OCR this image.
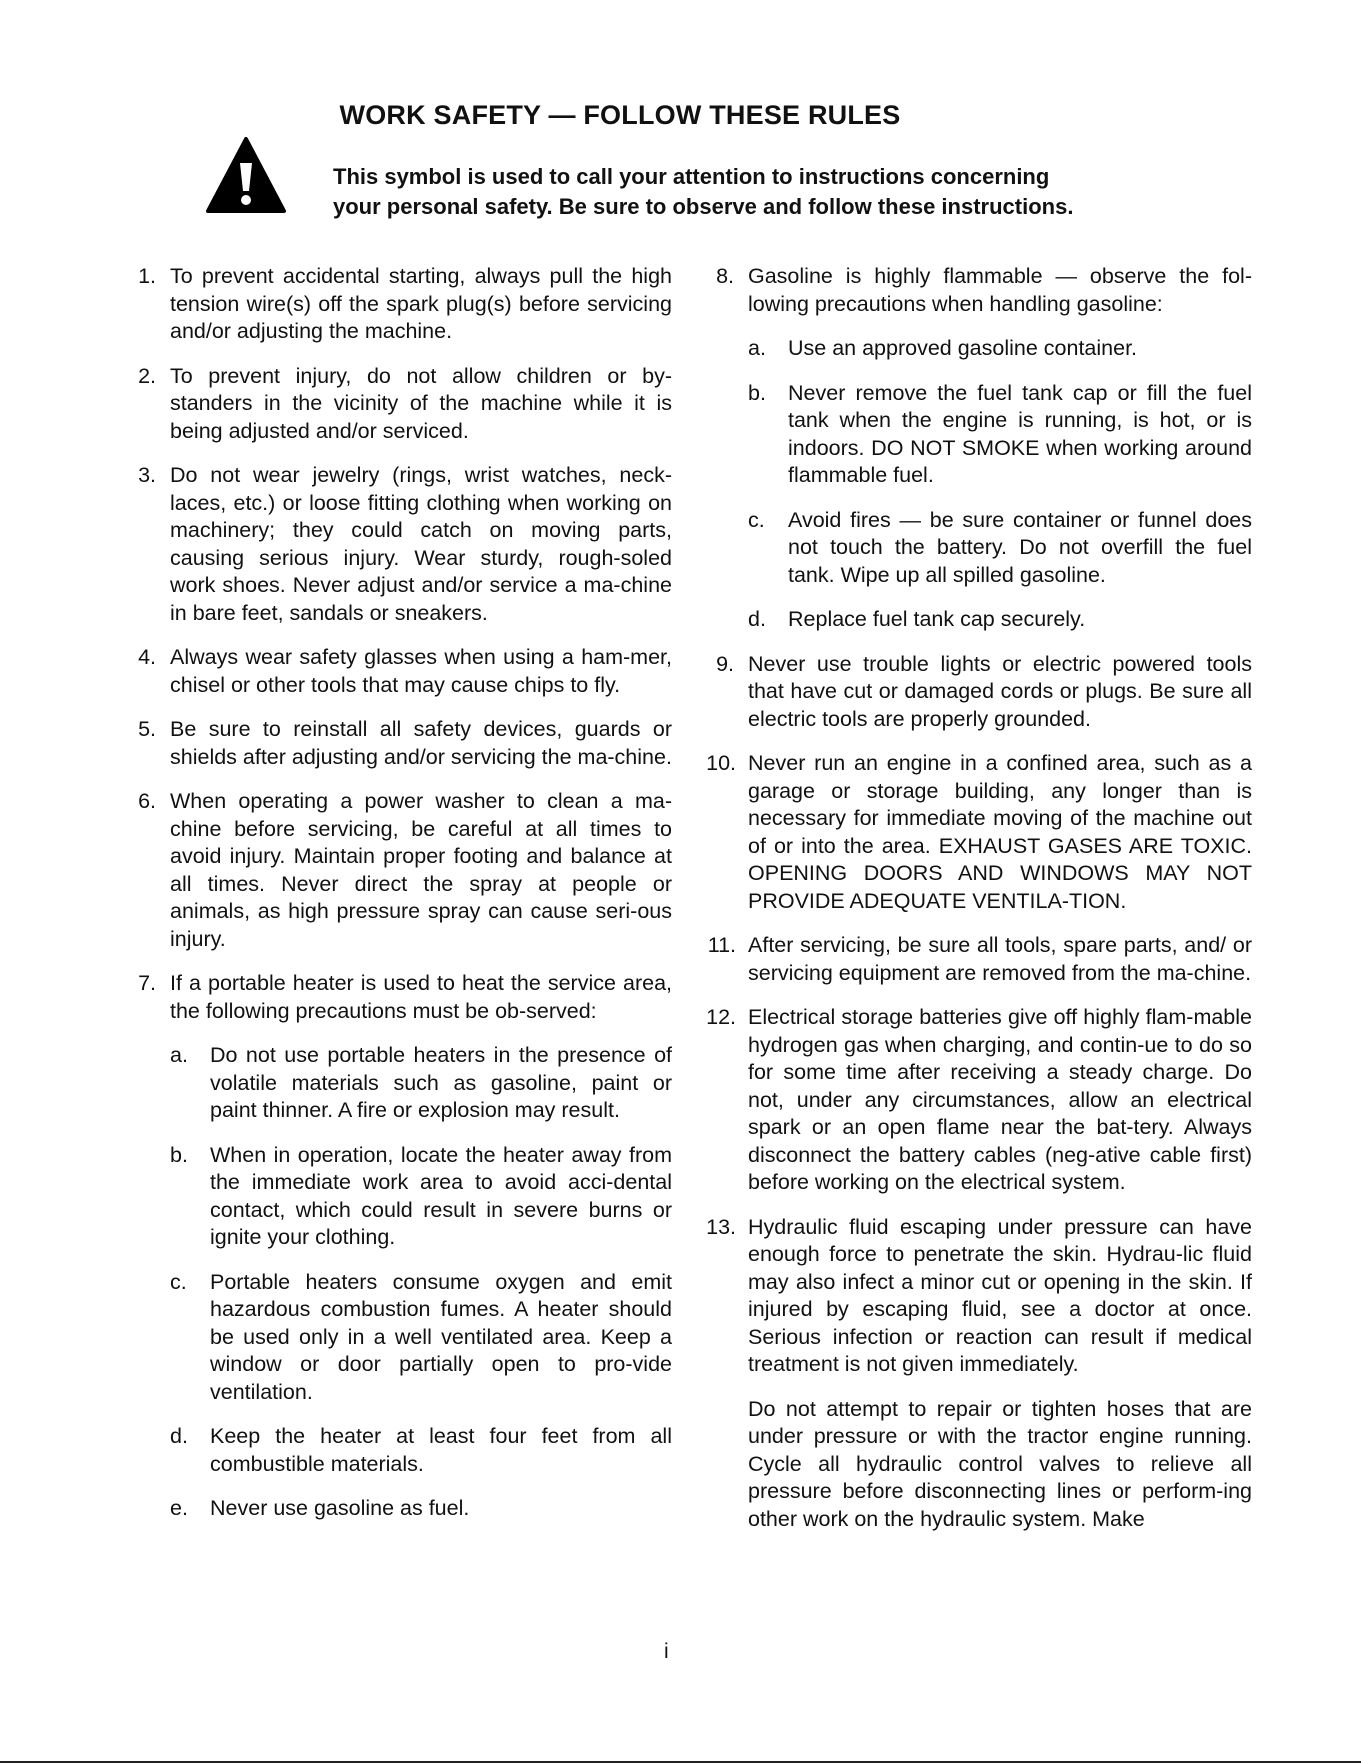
WORK SAFETY — FOLLOW THESE RULES
This symbol is used to call your attention to instructions concerning
your personal safety. Be sure to observe and follow these instructions.
1. To prevent accidental starting, always pull the high tension wire(s) off the spark plug(s) before servicing and/or adjusting the machine.
2. To prevent injury, do not allow children or by-standers in the vicinity of the machine while it is being adjusted and/or serviced.
3. Do not wear jewelry (rings, wrist watches, neck-laces, etc.) or loose fitting clothing when working on machinery; they could catch on moving parts, causing serious injury. Wear sturdy, rough-soled work shoes. Never adjust and/or service a ma-chine in bare feet, sandals or sneakers.
4. Always wear safety glasses when using a ham-mer, chisel or other tools that may cause chips to fly.
5. Be sure to reinstall all safety devices, guards or shields after adjusting and/or servicing the ma-chine.
6. When operating a power washer to clean a ma-chine before servicing, be careful at all times to avoid injury. Maintain proper footing and balance at all times. Never direct the spray at people or animals, as high pressure spray can cause seri-ous injury.
7. If a portable heater is used to heat the service area, the following precautions must be ob-served:
a. Do not use portable heaters in the presence of volatile materials such as gasoline, paint or paint thinner. A fire or explosion may result.
b. When in operation, locate the heater away from the immediate work area to avoid acci-dental contact, which could result in severe burns or ignite your clothing.
c. Portable heaters consume oxygen and emit hazardous combustion fumes. A heater should be used only in a well ventilated area. Keep a window or door partially open to pro-vide ventilation.
d. Keep the heater at least four feet from all combustible materials.
e. Never use gasoline as fuel.
8. Gasoline is highly flammable — observe the fol-lowing precautions when handling gasoline:
a. Use an approved gasoline container.
b. Never remove the fuel tank cap or fill the fuel tank when the engine is running, is hot, or is indoors. DO NOT SMOKE when working around flammable fuel.
c. Avoid fires — be sure container or funnel does not touch the battery. Do not overfill the fuel tank. Wipe up all spilled gasoline.
d. Replace fuel tank cap securely.
9. Never use trouble lights or electric powered tools that have cut or damaged cords or plugs. Be sure all electric tools are properly grounded.
10. Never run an engine in a confined area, such as a garage or storage building, any longer than is necessary for immediate moving of the machine out of or into the area. EXHAUST GASES ARE TOXIC. OPENING DOORS AND WINDOWS MAY NOT PROVIDE ADEQUATE VENTILA-TION.
11. After servicing, be sure all tools, spare parts, and/ or servicing equipment are removed from the ma-chine.
12. Electrical storage batteries give off highly flam-mable hydrogen gas when charging, and contin-ue to do so for some time after receiving a steady charge. Do not, under any circumstances, allow an electrical spark or an open flame near the bat-tery. Always disconnect the battery cables (neg-ative cable first) before working on the electrical system.
13. Hydraulic fluid escaping under pressure can have enough force to penetrate the skin. Hydrau-lic fluid may also infect a minor cut or opening in the skin. If injured by escaping fluid, see a doctor at once. Serious infection or reaction can result if medical treatment is not given immediately.
Do not attempt to repair or tighten hoses that are under pressure or with the tractor engine running. Cycle all hydraulic control valves to relieve all pressure before disconnecting lines or perform-ing other work on the hydraulic system. Make
i
